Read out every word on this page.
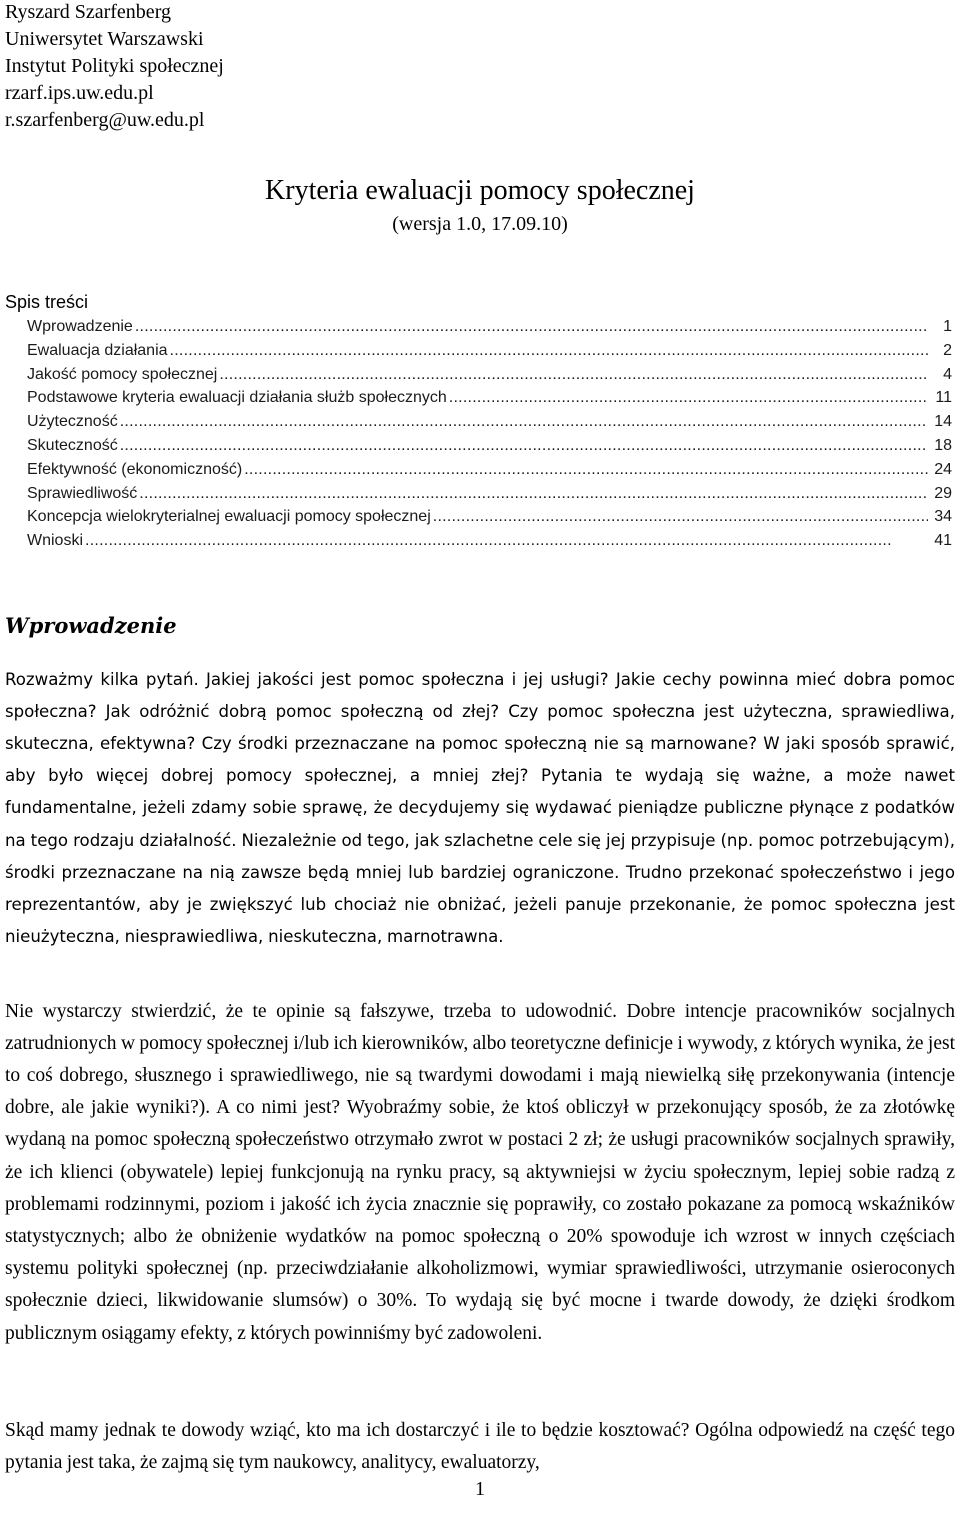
Ryszard Szarfenberg
Uniwersytet Warszawski
Instytut Polityki społecznej
rzarf.ips.uw.edu.pl
r.szarfenberg@uw.edu.pl
Kryteria ewaluacji pomocy społecznej
(wersja 1.0, 17.09.10)
Spis treści
Wprowadzenie . . .	1
Ewaluacja działania . . .	2
Jakość pomocy społecznej . . .	4
Podstawowe kryteria ewaluacji działania służb społecznych . . .	11
Użyteczność . . .	14
Skuteczność . . .	18
Efektywność (ekonomiczność) . . .	24
Sprawiedliwość . . .	29
Koncepcja wielokryterialnej ewaluacji pomocy społecznej . . .	34
Wnioski . . .	41
Wprowadzenie

Rozważmy kilka pytań. Jakiej jakości jest pomoc społeczna i jej usługi? Jakie cechy powinna mieć dobra pomoc społeczna? Jak odróżnić dobrą pomoc społeczną od złej? Czy pomoc społeczna jest użyteczna, sprawiedliwa, skuteczna, efektywna? Czy środki przeznaczane na pomoc społeczną nie są marnowane? W jaki sposób sprawić, aby było więcej dobrej pomocy społecznej, a mniej złej? Pytania te wydają się ważne, a może nawet fundamentalne, jeżeli zdamy sobie sprawę, że decydujemy się wydawać pieniądze publiczne płynące z podatków na tego rodzaju działalność. Niezależnie od tego, jak szlachetne cele się jej przypisuje (np. pomoc potrzebującym), środki przeznaczane na nią zawsze będą mniej lub bardziej ograniczone. Trudno przekonać społeczeństwo i jego reprezentantów, aby je zwiększyć lub chociaż nie obniżać, jeżeli panuje przekonanie, że pomoc społeczna jest nieużyteczna, niesprawiedliwa, nieskuteczna, marnotrawna.

Nie wystarczy stwierdzić, że te opinie są fałszywe, trzeba to udowodnić. Dobre intencje pracowników socjalnych zatrudnionych w pomocy społecznej i/lub ich kierowników, albo teoretyczne definicje i wywody, z których wynika, że jest to coś dobrego, słusznego i sprawiedliwego, nie są twardymi dowodami i mają niewielką siłę przekonywania (intencje dobre, ale jakie wyniki?). A co nimi jest? Wyobraźmy sobie, że ktoś obliczył w przekonujący sposób, że za złotówkę wydaną na pomoc społeczną społeczeństwo otrzymało zwrot w postaci 2 zł; że usługi pracowników socjalnych sprawiły, że ich klienci (obywatele) lepiej funkcjonują na rynku pracy, są aktywniejsi w życiu społecznym, lepiej sobie radzą z problemami rodzinnymi, poziom i jakość ich życia znacznie się poprawiły, co zostało pokazane za pomocą wskaźników statystycznych; albo że obniżenie wydatków na pomoc społeczną o 20% spowoduje ich wzrost w innych częściach systemu polityki społecznej (np. przeciwdziałanie alkoholizmowi, wymiar sprawiedliwości, utrzymanie osieroconych społecznie dzieci, likwidowanie slumsów) o 30%. To wydają się być mocne i twarde dowody, że dzięki środkom publicznym osiągamy efekty, z których powinniśmy być zadowoleni.

Skąd mamy jednak te dowody wziąć, kto ma ich dostarczyć i ile to będzie kosztować? Ogólna odpowiedź na część tego pytania jest taka, że zajmą się tym naukowcy, analitycy, ewaluatorzy,

1
